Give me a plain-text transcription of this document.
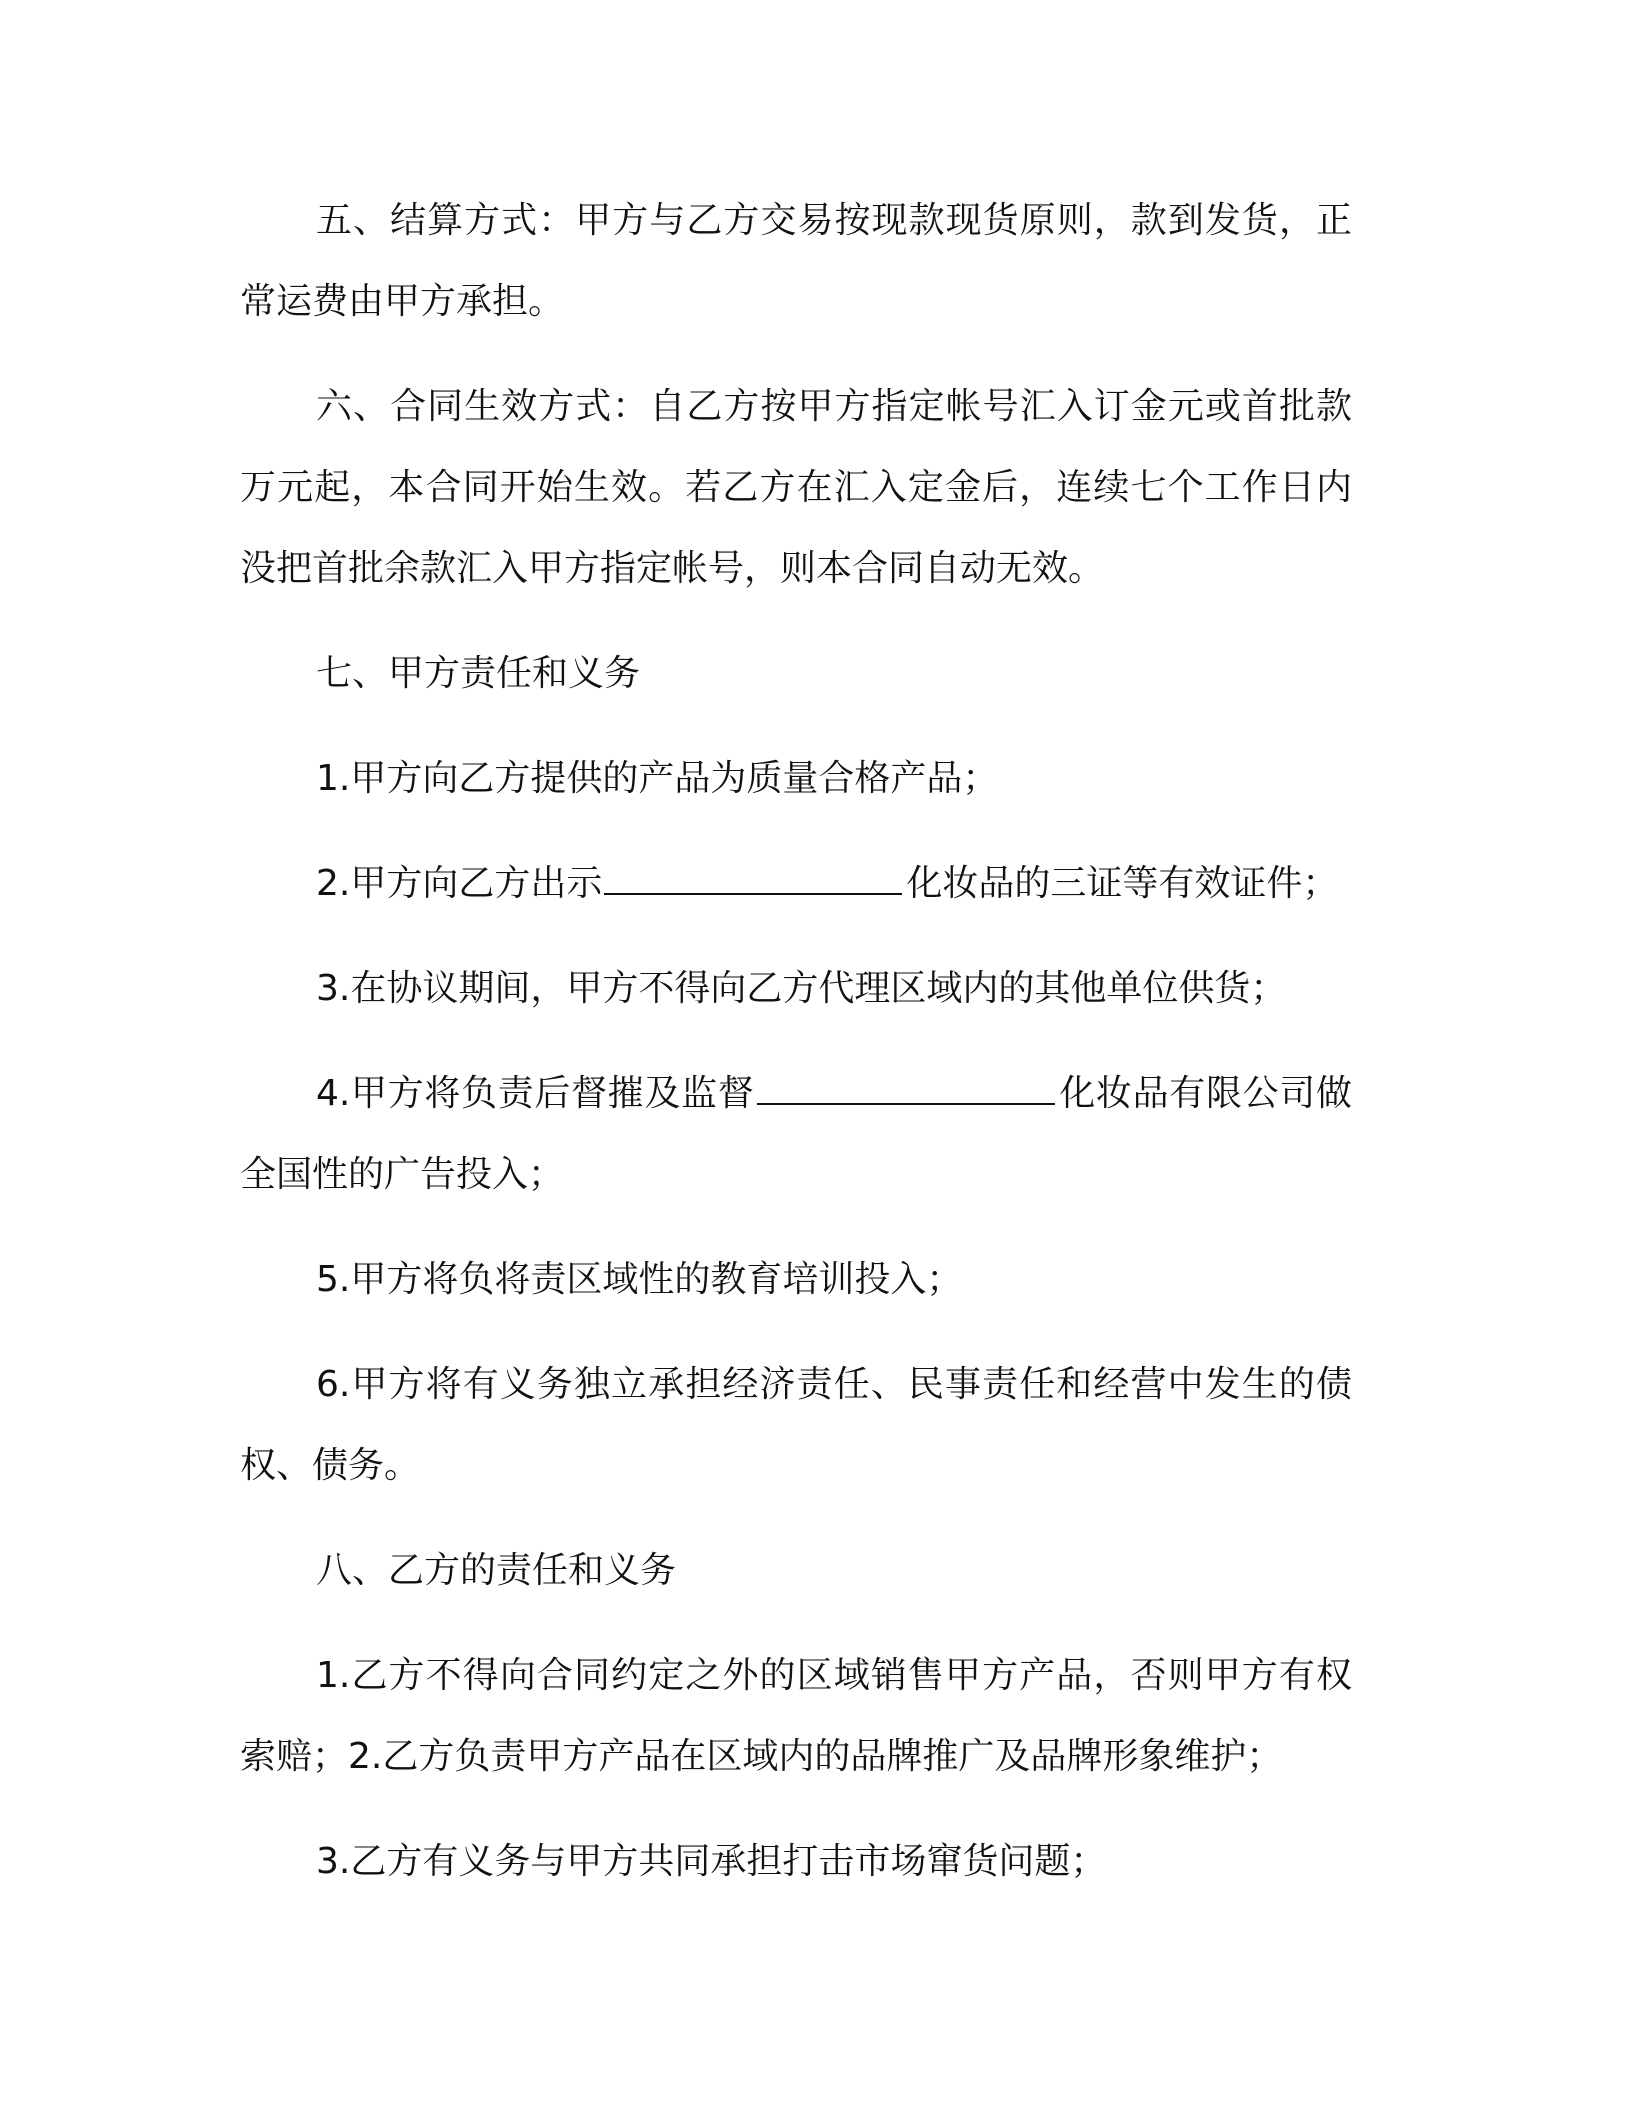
五、结算方式：甲方与乙方交易按现款现货原则，款到发货，正常运费由甲方承担。

六、合同生效方式：自乙方按甲方指定帐号汇入订金元或首批款万元起，本合同开始生效。若乙方在汇入定金后，连续七个工作日内没把首批余款汇入甲方指定帐号，则本合同自动无效。

七、甲方责任和义务

1.甲方向乙方提供的产品为质量合格产品；

2.甲方向乙方出示	化妆品的三证等有效证件；

3.在协议期间，甲方不得向乙方代理区域内的其他单位供货；

4.甲方将负责后督摧及监督	化妆品有限公司做全国性的广告投入；

5.甲方将负将责区域性的教育培训投入；

6.甲方将有义务独立承担经济责任、民事责任和经营中发生的债权、债务。

八、乙方的责任和义务

1.乙方不得向合同约定之外的区域销售甲方产品，否则甲方有权索赔；2.乙方负责甲方产品在区域内的品牌推广及品牌形象维护；

3.乙方有义务与甲方共同承担打击市场窜货问题；
